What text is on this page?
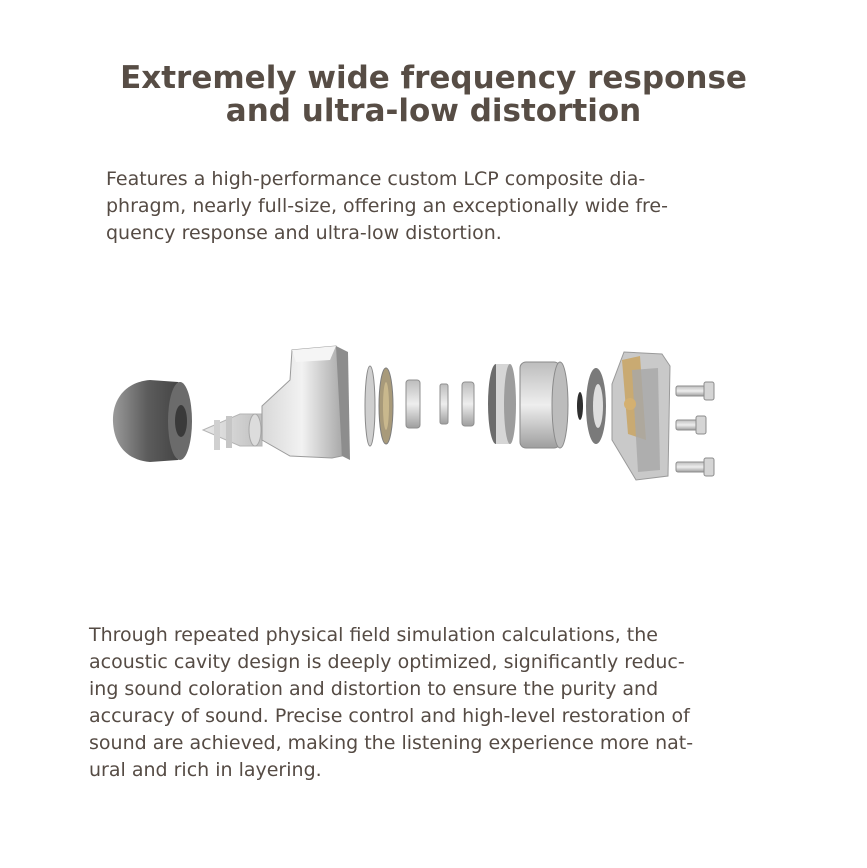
Extremely wide frequency response
and ultra-low distortion
Features a high-performance custom LCP composite dia-
phragm, nearly full-size, offering an exceptionally wide fre-
quency response and ultra-low distortion.
Through repeated physical field simulation calculations, the
acoustic cavity design is deeply optimized, significantly reduc-
ing sound coloration and distortion to ensure the purity and
accuracy of sound. Precise control and high-level restoration of
sound are achieved, making the listening experience more nat-
ural and rich in layering.
